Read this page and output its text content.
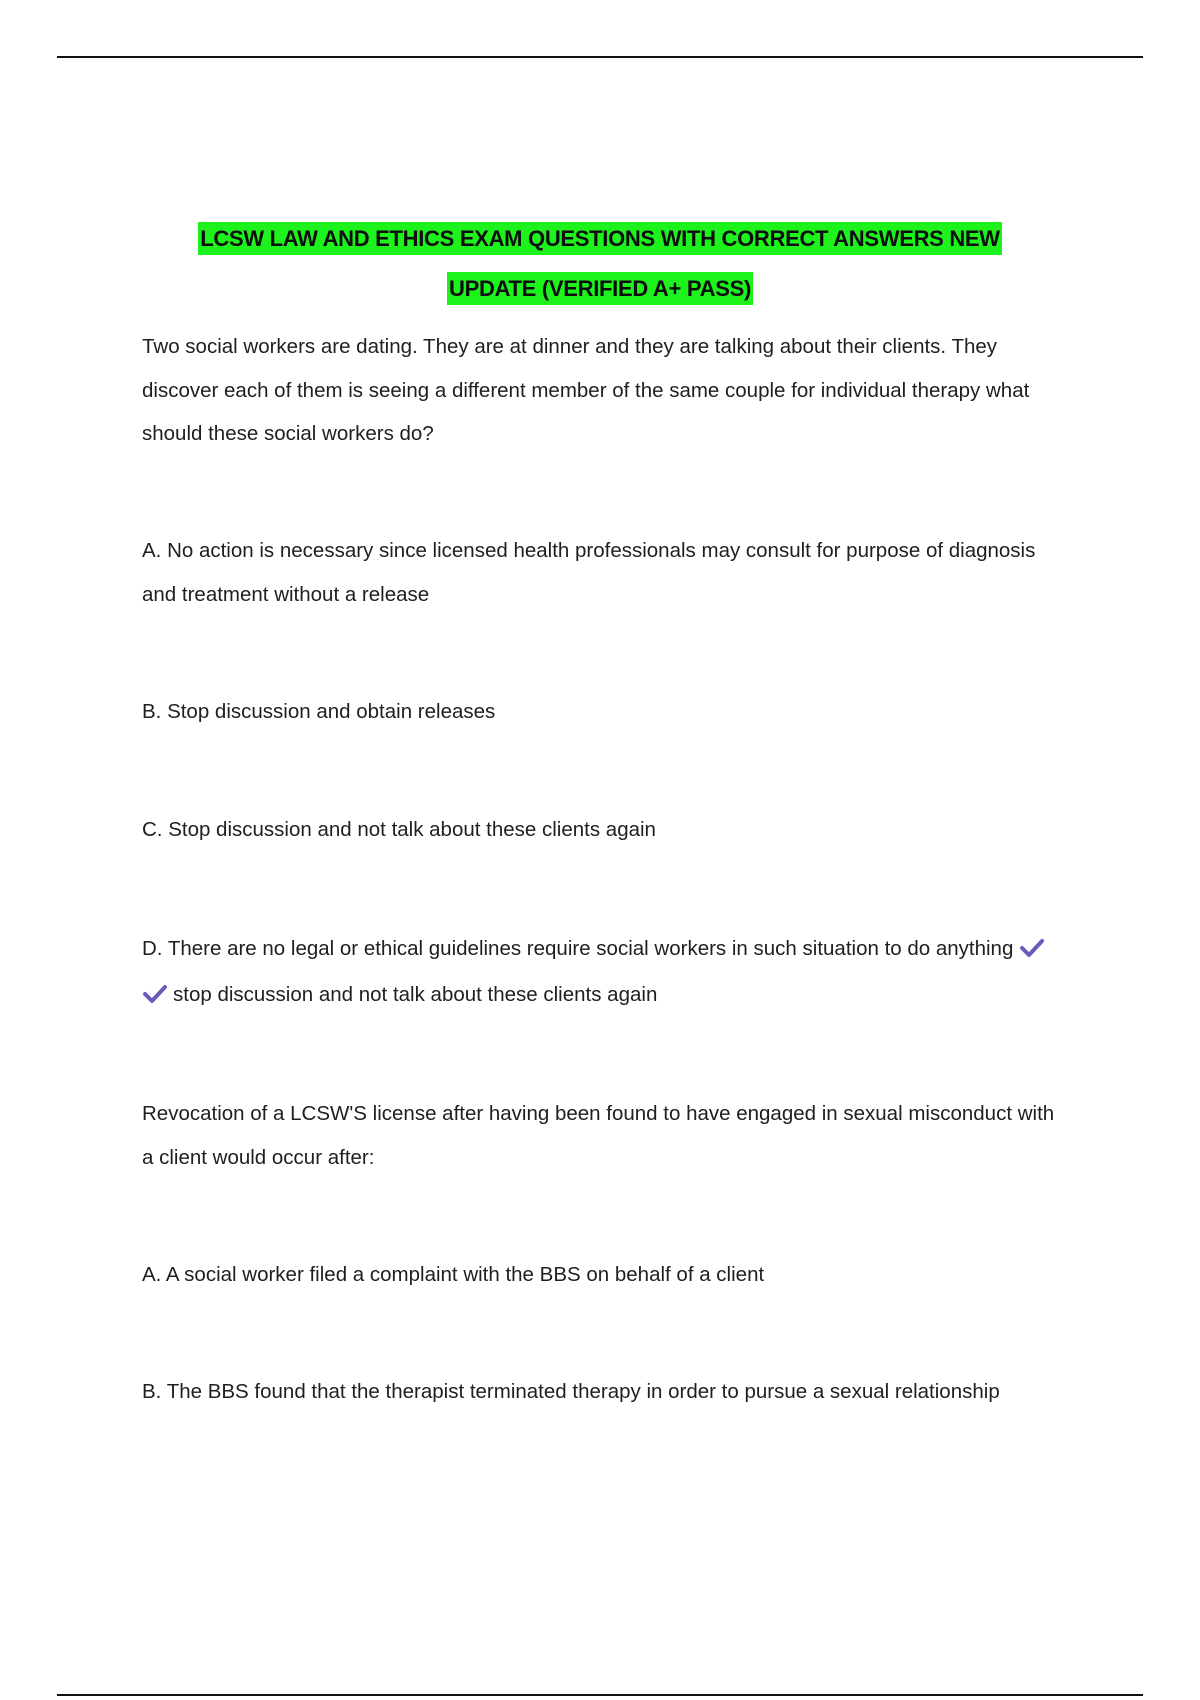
LCSW LAW AND ETHICS EXAM QUESTIONS WITH CORRECT ANSWERS NEW
UPDATE (VERIFIED A+ PASS)
Two social workers are dating. They are at dinner and they are talking about their clients. They discover each of them is seeing a different member of the same couple for individual therapy what should these social workers do?
A. No action is necessary since licensed health professionals may consult for purpose of diagnosis and treatment without a release
B. Stop discussion and obtain releases
C. Stop discussion and not talk about these clients again
D. There are no legal or ethical guidelines require social workers in such situation to do anything stop discussion and not talk about these clients again
Revocation of a LCSW'S license after having been found to have engaged in sexual misconduct with a client would occur after:
A. A social worker filed a complaint with the BBS on behalf of a client
B. The BBS found that the therapist terminated therapy in order to pursue a sexual relationship
